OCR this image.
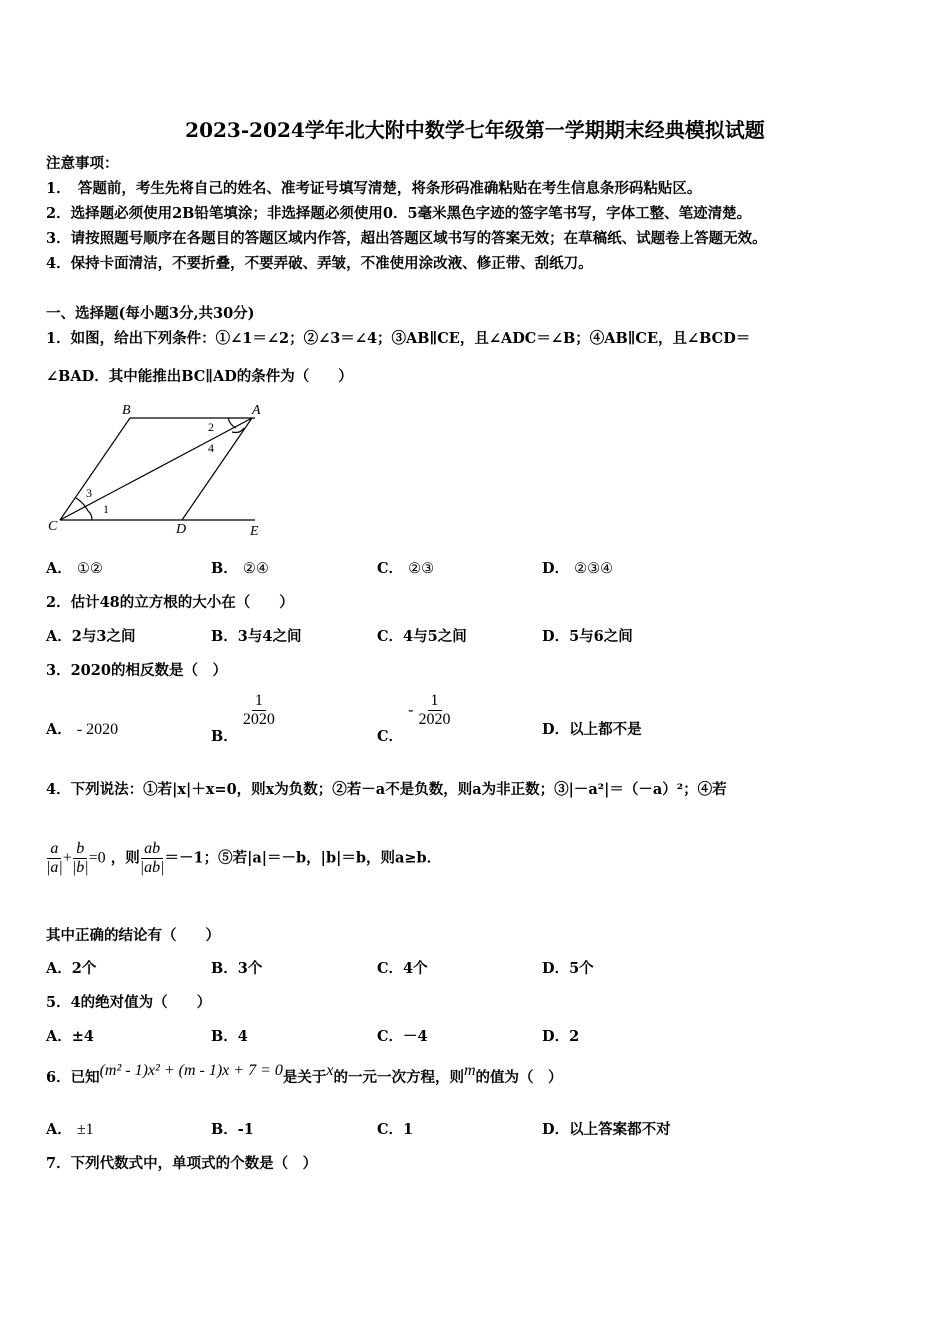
2023-2024学年北大附中数学七年级第一学期期末经典模拟试题
注意事项：
1．　答题前，考生先将自己的姓名、准考证号填写清楚，将条形码准确粘贴在考生信息条形码粘贴区。
2．选择题必须使用2B铅笔填涂；非选择题必须使用0．5毫米黑色字迹的签字笔书写，字体工整、笔迹清楚。
3．请按照题号顺序在各题目的答题区域内作答，超出答题区域书写的答案无效；在草稿纸、试题卷上答题无效。
4．保持卡面清洁，不要折叠，不要弄破、弄皱，不准使用涂改液、修正带、刮纸刀。
一、选择题(每小题3分,共30分)
1．如图，给出下列条件：①∠1＝∠2；②∠3＝∠4；③AB∥CE，且∠ADC＝∠B；④AB∥CE，且∠BCD＝
∠BAD．其中能推出BC∥AD的条件为（　　）
B	A
C	D	E
2
4
3
1
A． ①②	B． ②④	C． ②③	D． ②③④
2．估计48的立方根的大小在（　　）
A．2与3之间	B．3与4之间	C．4与5之间	D．5与6之间
3．2020的相反数是（　）
A． - 2020	B．
$\frac{1}{2020}$
C． - $\frac{1}{2020}$
D．以上都不是
4．下列说法：①若|x|＋x=0，则x为负数；②若－a不是负数，则a为非正数；③|－a²|＝（－a）²；④若
$\frac{a}{|a|} + \frac{b}{|b|} =0$ ，则 $\frac{ab}{|ab|} =-1$；⑤若|a|＝－b，|b|＝b，则a≥b．
其中正确的结论有（　　）
A．2个	B．3个	C．4个	D．5个
5．4的绝对值为（　　）
A．±4	B．4	C．－4	D．2
6．已知(m² - 1)x² + (m - 1)x + 7 = 0是关于x的一元一次方程，则m的值为（　）
A． ±1	B．-1	C．1	D．以上答案都不对
7．下列代数式中，单项式的个数是（　）
